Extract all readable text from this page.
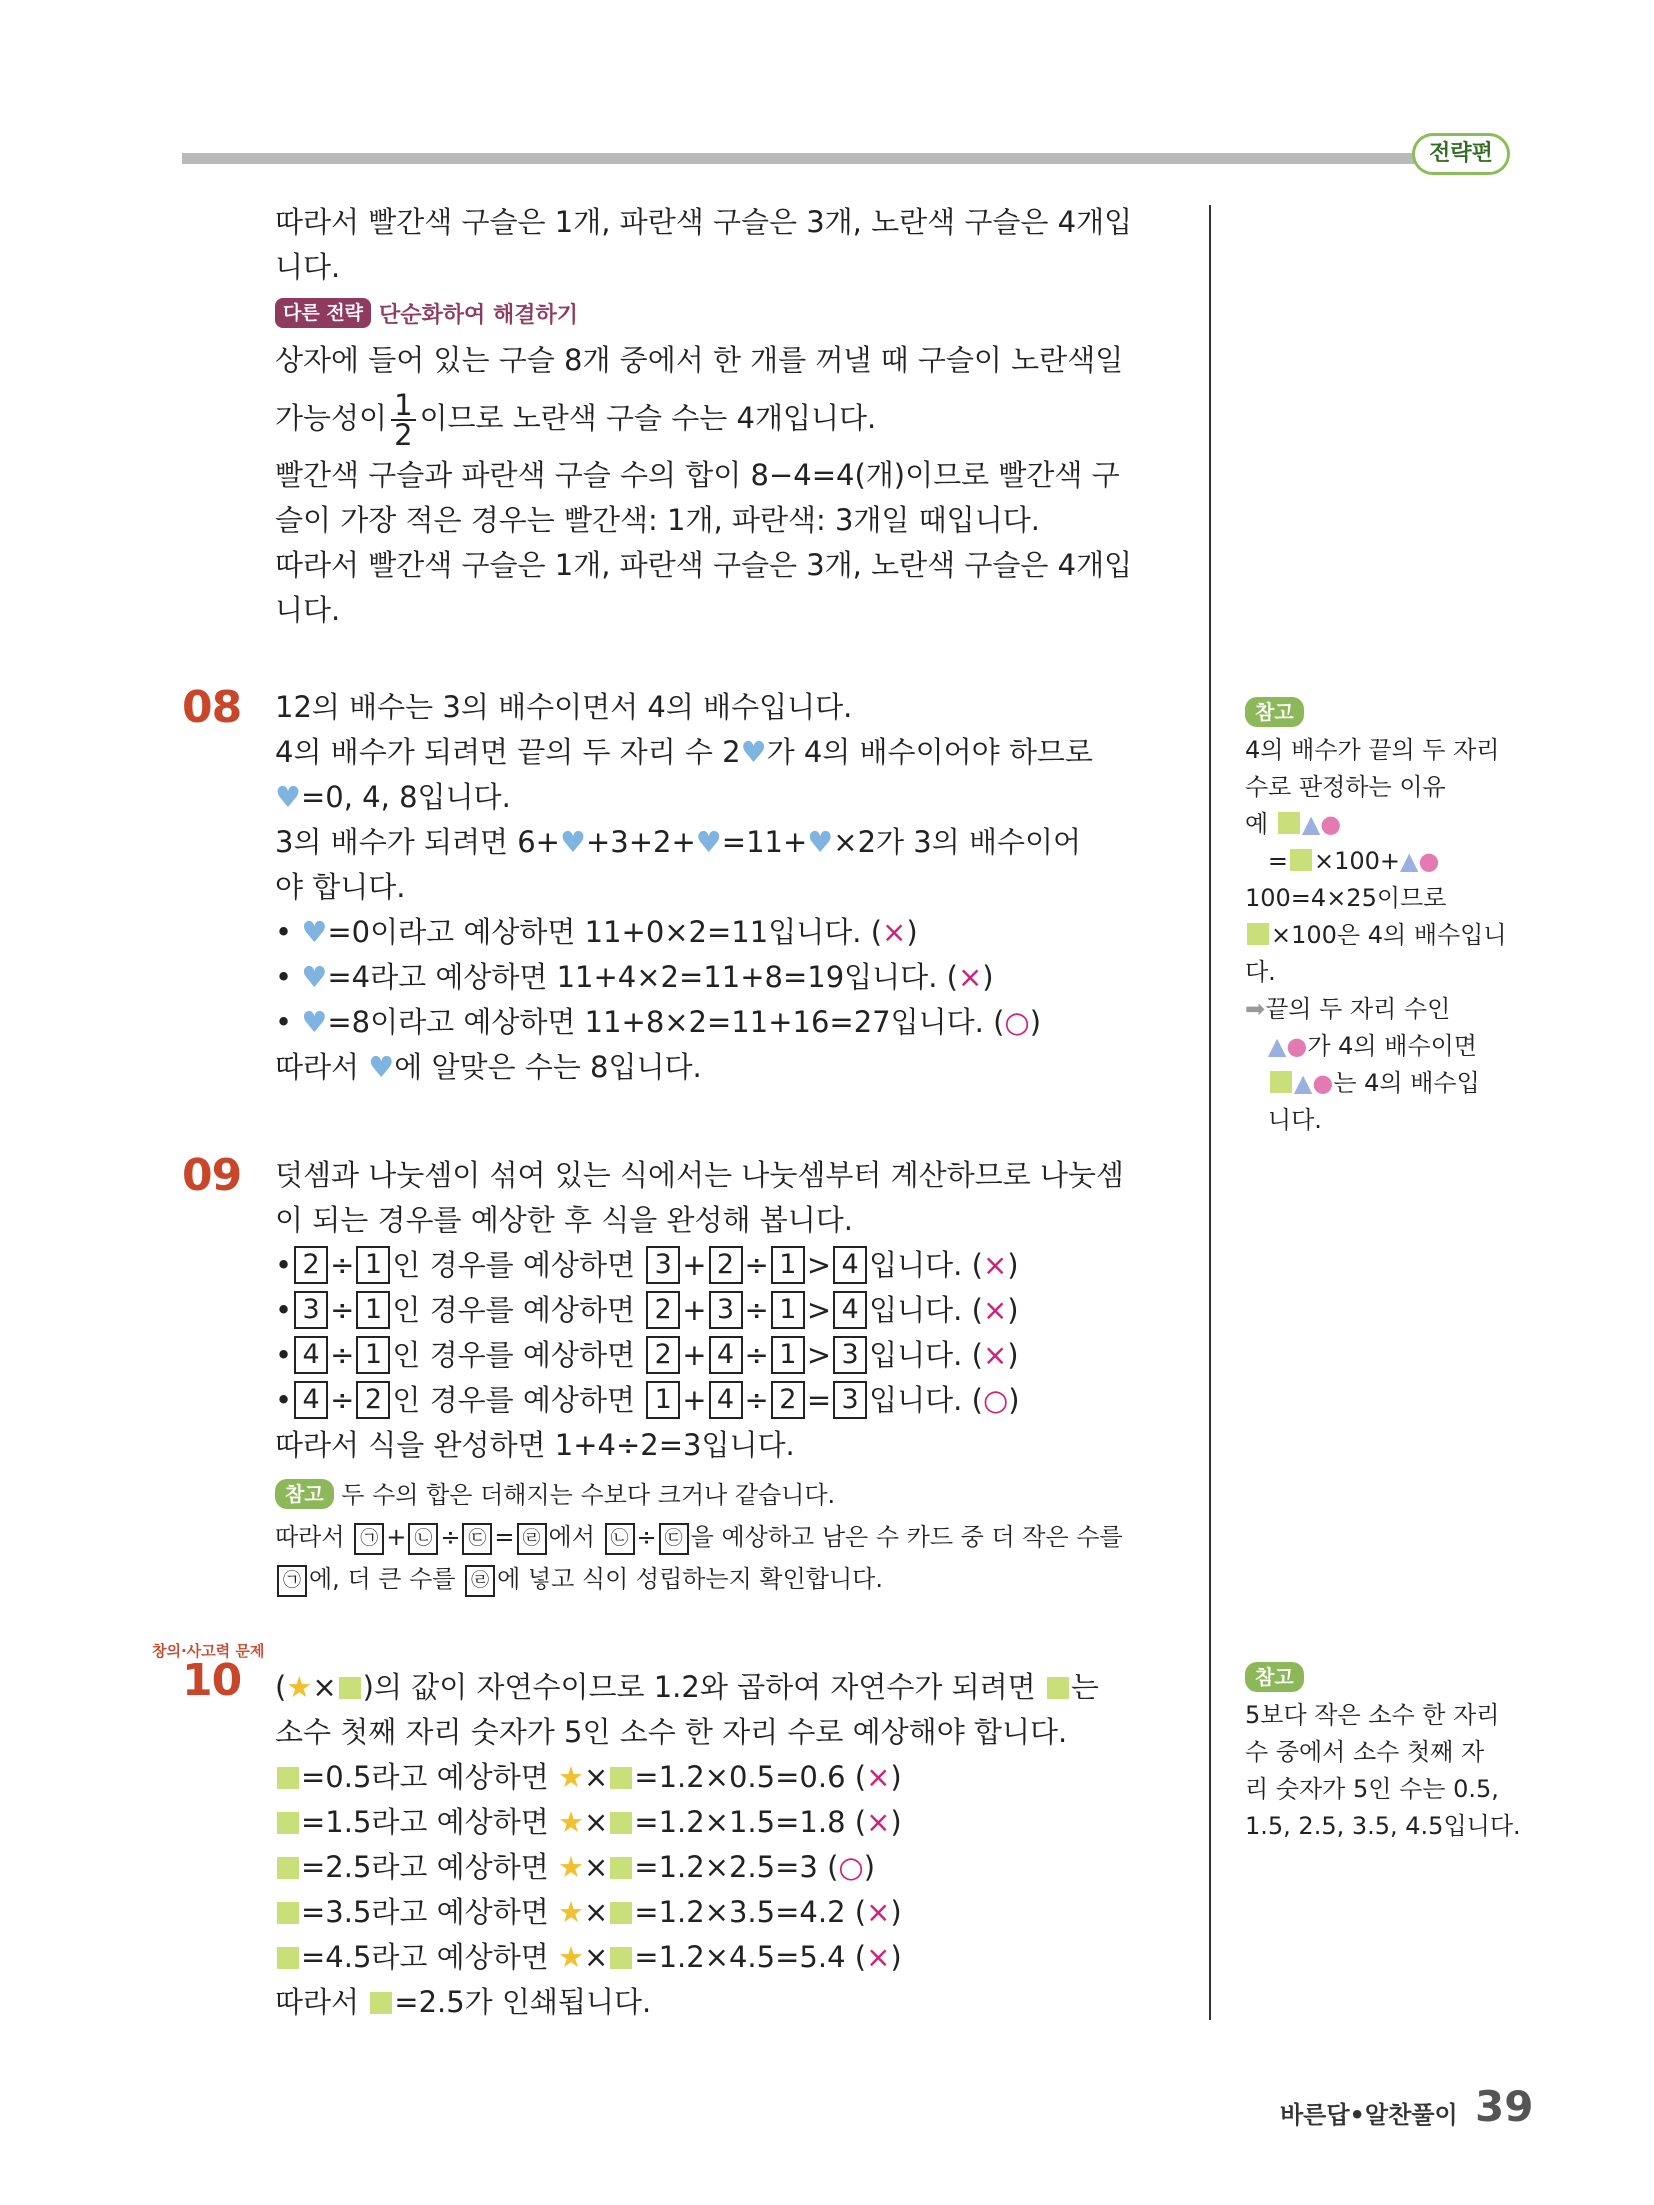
전략편

따라서 빨간색 구슬은 1개, 파란색 구슬은 3개, 노란색 구슬은 4개입

니다.

다른 전략 단순화하여 해결하기

상자에 들어 있는 구슬 8개 중에서 한 개를 꺼낼 때 구슬이 노란색일

가능성이 $\frac{1}{2}$ 이므로 노란색 구슬 수는 4개입니다.

빨간색 구슬과 파란색 구슬 수의 합이 8−4=4(개)이므로 빨간색 구

슬이 가장 적은 경우는 빨간색: 1개, 파란색: 3개일 때입니다.

따라서 빨간색 구슬은 1개, 파란색 구슬은 3개, 노란색 구슬은 4개입

니다.

08 12의 배수는 3의 배수이면서 4의 배수입니다.

4의 배수가 되려면 끝의 두 자리 수 2♥가 4의 배수이어야 하므로

♥=0, 4, 8입니다.

3의 배수가 되려면 6+♥+3+2+♥=11+♥×2가 3의 배수이어

야 합니다.

• ♥=0이라고 예상하면 11+0×2=11입니다. (×)

• ♥=4라고 예상하면 11+4×2=11+8=19입니다. (×)

• ♥=8이라고 예상하면 11+8×2=11+16=27입니다. (○)

따라서 ♥에 알맞은 수는 8입니다.

참고

4의 배수가 끝의 두 자리

수로 판정하는 이유

예 ▲●

= ×100+▲●

100=4×25이므로

×100은 4의 배수입니

다.

➡끝의 두 자리 수인

▲●가 4의 배수이면

▲●는 4의 배수입

니다.

09 덧셈과 나눗셈이 섞여 있는 식에서는 나눗셈부터 계산하므로 나눗셈

이 되는 경우를 예상한 후 식을 완성해 봅니다.

• 2 ÷ 1 인 경우를 예상하면 3 + 2 ÷ 1 > 4 입니다. (×)

• 3 ÷ 1 인 경우를 예상하면 2 + 3 ÷ 1 > 4 입니다. (×)

• 4 ÷ 1 인 경우를 예상하면 2 + 4 ÷ 1 > 3 입니다. (×)

• 4 ÷ 2 인 경우를 예상하면 1 + 4 ÷ 2 = 3 입니다. (○)

따라서 식을 완성하면 1+4÷2=3입니다.

참고 두 수의 합은 더해지는 수보다 크거나 같습니다.

따라서 ㉠ + ㉡ ÷ ㉢ = ㉣ 에서 ㉡ ÷ ㉢ 을 예상하고 남은 수 카드 중 더 작은 수를

㉠ 에, 더 큰 수를 ㉣ 에 넣고 식이 성립하는지 확인합니다.

창의·사고력 문제
10 (★× )의 값이 자연수이므로 1.2와 곱하여 자연수가 되려면 는

소수 첫째 자리 숫자가 5인 소수 한 자리 수로 예상해야 합니다.

=0.5라고 예상하면 ★× =1.2×0.5=0.6 (×)

=1.5라고 예상하면 ★× =1.2×1.5=1.8 (×)

=2.5라고 예상하면 ★× =1.2×2.5=3 (○)

=3.5라고 예상하면 ★× =1.2×3.5=4.2 (×)

=4.5라고 예상하면 ★× =1.2×4.5=5.4 (×)

따라서 =2.5가 인쇄됩니다.

참고

5보다 작은 소수 한 자리

수 중에서 소수 첫째 자

리 숫자가 5인 수는 0.5,

1.5, 2.5, 3.5, 4.5입니다.

바른답•알찬풀이 39
